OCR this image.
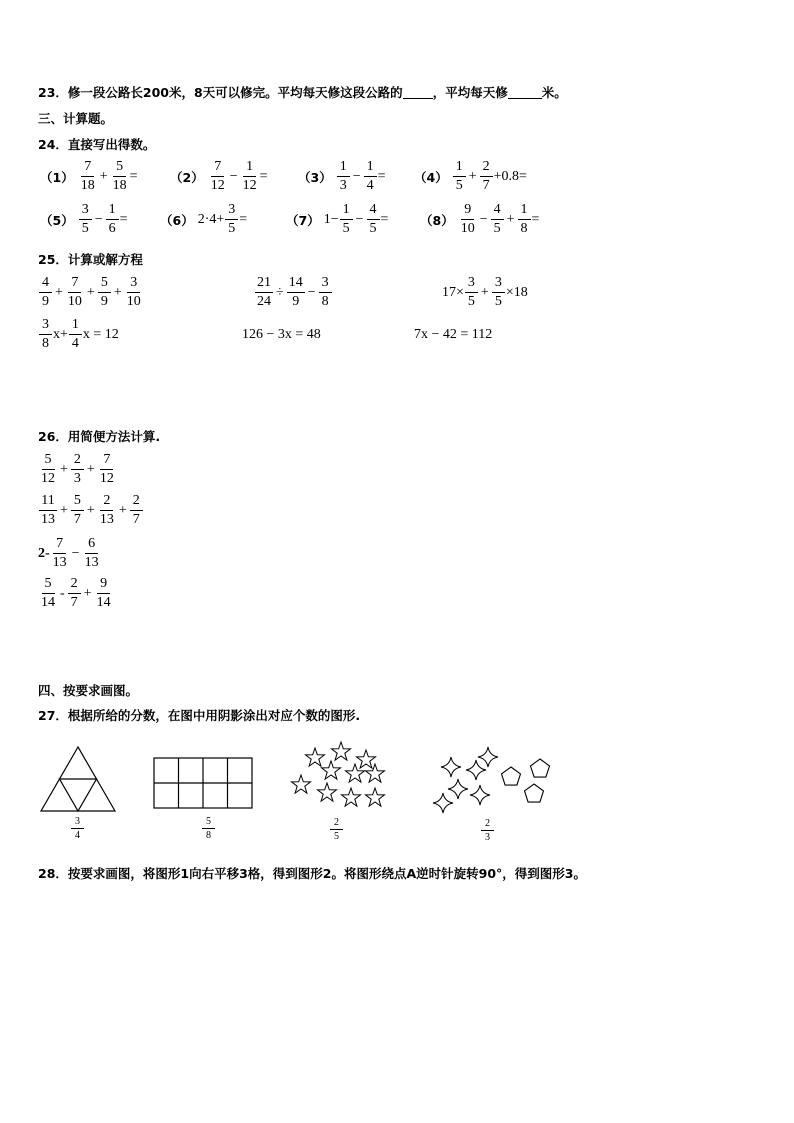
23．修一段公路长200米，8天可以修完。平均每天修这段公路的 ，平均每天修	米。
三、计算题。
24．直接写出得数。
$(1) \frac{7}{18} + \frac{5}{18}$ =	$(2) \frac{7}{12} - \frac{1}{12} = (3) \frac{1}{3} - \frac{1}{4} = (4) \frac{1}{5} + \frac{2}{7} +0.8=$
$(5) \frac{3}{5} - \frac{1}{6}$ =	（6） $2\cdot 4+ \frac{3}{5}$ =	（7） $1- \frac{1}{5} - \frac{4}{5}$ =	$(8) \frac{9}{10} - \frac{4}{5} + \frac{1}{8}$ =
25．计算或解方程
$\frac{4}{9} + \frac{7}{10} + \frac{5}{9} + \frac{3}{10}$	$\frac{21}{24} \div \frac{14}{9} - \frac{3}{8}$	$17\times \frac{3}{5} + \frac{3}{5} \times 18$
$\frac{3}{8} x+ \frac{1}{4}$ x = 12	126 − 3x = 48	7x − 42 = 112
26．用简便方法计算.
$\frac{5}{12} + \frac{2}{3} + \frac{7}{12}$
$\frac{11}{13} + \frac{5}{7} + \frac{2}{13} + \frac{2}{7}$
$2- \frac{7}{13} - \frac{6}{13}$
$\frac{5}{14} - \frac{2}{7} + \frac{9}{14}$
四、按要求画图。
27．根据所给的分数，在图中用阴影涂出对应个数的图形.
$\frac{3}{4}$	$\frac{5}{8}$	$\frac{2}{5}$	$\frac{2}{3}$
28．按要求画图，将图形1向右平移3格，得到图形2。将图形绕点A逆时针旋转90°，得到图形3。
